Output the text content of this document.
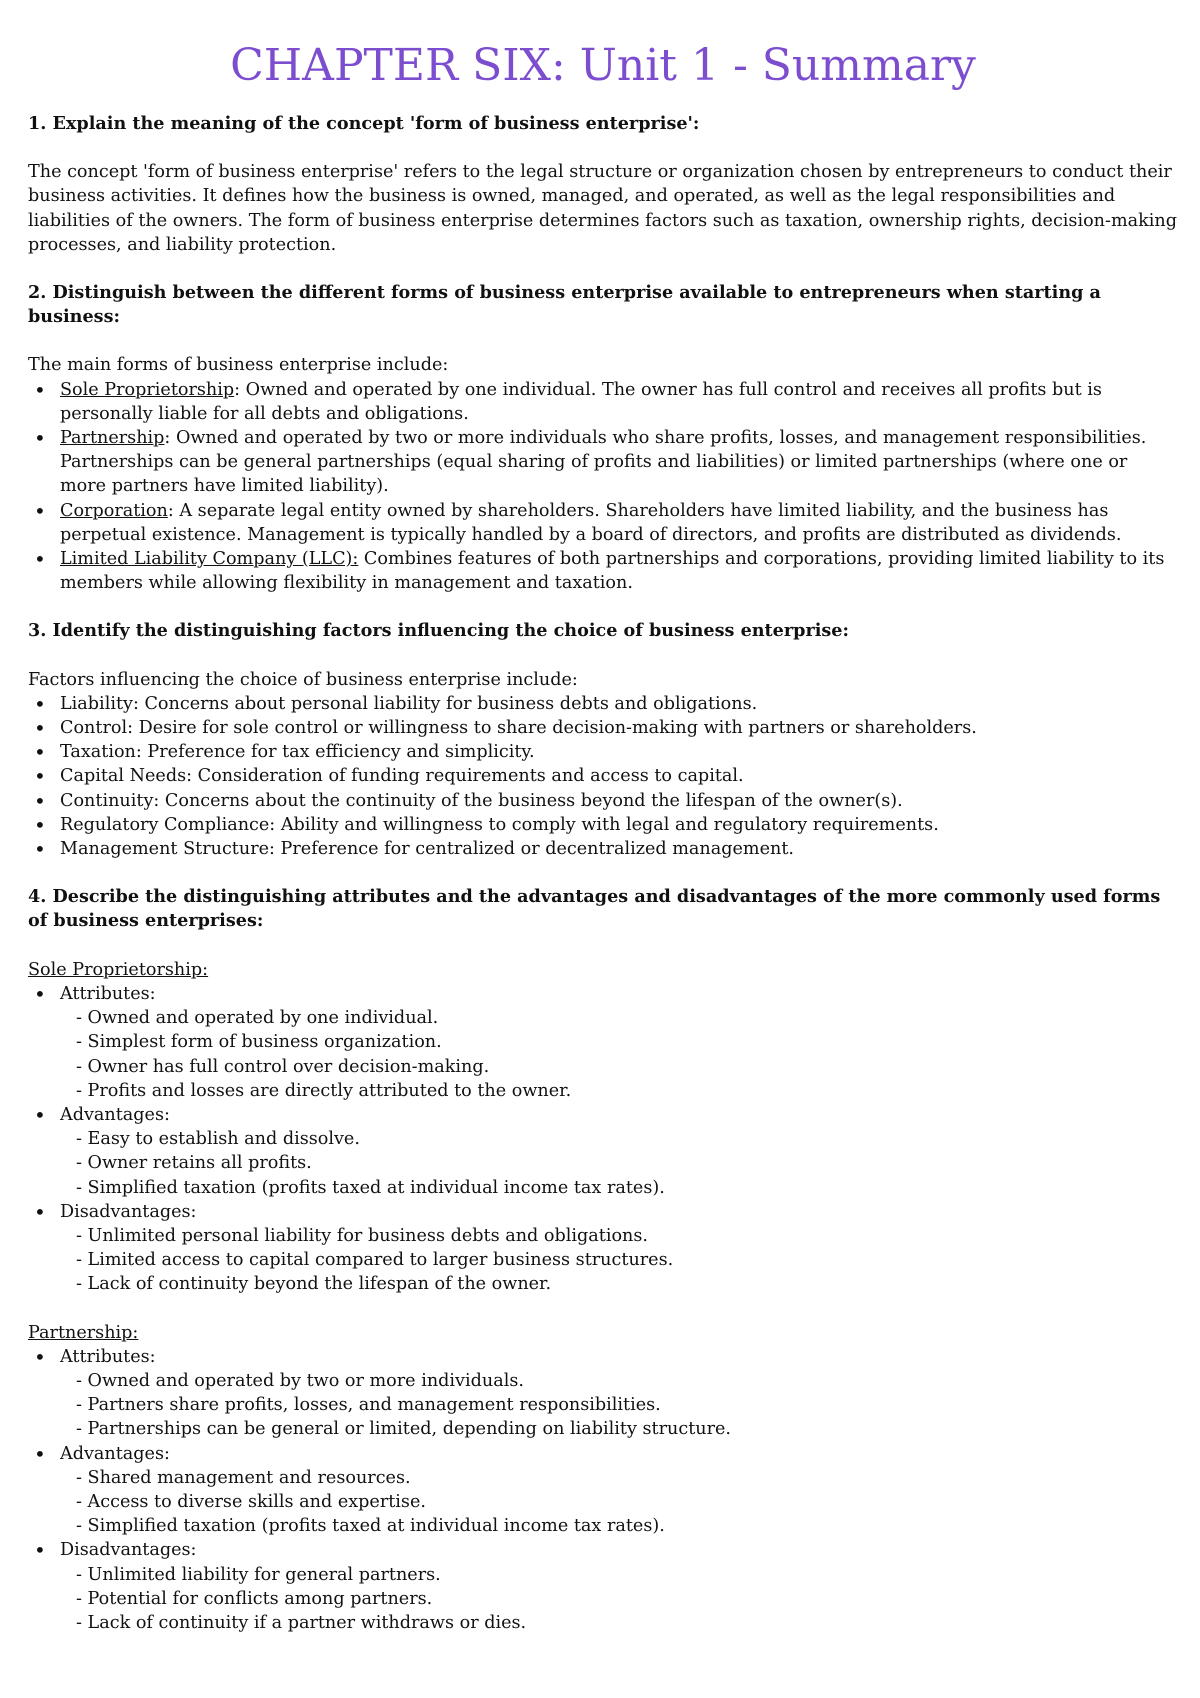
CHAPTER SIX: Unit 1 - Summary

1. Explain the meaning of the concept 'form of business enterprise':

The concept 'form of business enterprise' refers to the legal structure or organization chosen by entrepreneurs to conduct their business activities. It defines how the business is owned, managed, and operated, as well as the legal responsibilities and liabilities of the owners. The form of business enterprise determines factors such as taxation, ownership rights, decision-making processes, and liability protection.

2. Distinguish between the different forms of business enterprise available to entrepreneurs when starting a business:

The main forms of business enterprise include:

• Sole Proprietorship: Owned and operated by one individual. The owner has full control and receives all profits but is personally liable for all debts and obligations.
• Partnership: Owned and operated by two or more individuals who share profits, losses, and management responsibilities. Partnerships can be general partnerships (equal sharing of profits and liabilities) or limited partnerships (where one or more partners have limited liability).
• Corporation: A separate legal entity owned by shareholders. Shareholders have limited liability, and the business has perpetual existence. Management is typically handled by a board of directors, and profits are distributed as dividends.
• Limited Liability Company (LLC): Combines features of both partnerships and corporations, providing limited liability to its members while allowing flexibility in management and taxation.

3. Identify the distinguishing factors influencing the choice of business enterprise:

Factors influencing the choice of business enterprise include:

• Liability: Concerns about personal liability for business debts and obligations.
• Control: Desire for sole control or willingness to share decision-making with partners or shareholders.
• Taxation: Preference for tax efficiency and simplicity.
• Capital Needs: Consideration of funding requirements and access to capital.
• Continuity: Concerns about the continuity of the business beyond the lifespan of the owner(s).
• Regulatory Compliance: Ability and willingness to comply with legal and regulatory requirements.
• Management Structure: Preference for centralized or decentralized management.

4. Describe the distinguishing attributes and the advantages and disadvantages of the more commonly used forms of business enterprises:

Sole Proprietorship:

• Attributes:
- Owned and operated by one individual.
- Simplest form of business organization.
- Owner has full control over decision-making.
- Profits and losses are directly attributed to the owner.
• Advantages:
- Easy to establish and dissolve.
- Owner retains all profits.
- Simplified taxation (profits taxed at individual income tax rates).
• Disadvantages:
- Unlimited personal liability for business debts and obligations.
- Limited access to capital compared to larger business structures.
- Lack of continuity beyond the lifespan of the owner.

Partnership:

• Attributes:
- Owned and operated by two or more individuals.
- Partners share profits, losses, and management responsibilities.
- Partnerships can be general or limited, depending on liability structure.
• Advantages:
- Shared management and resources.
- Access to diverse skills and expertise.
- Simplified taxation (profits taxed at individual income tax rates).
• Disadvantages:
- Unlimited liability for general partners.
- Potential for conflicts among partners.
- Lack of continuity if a partner withdraws or dies.
